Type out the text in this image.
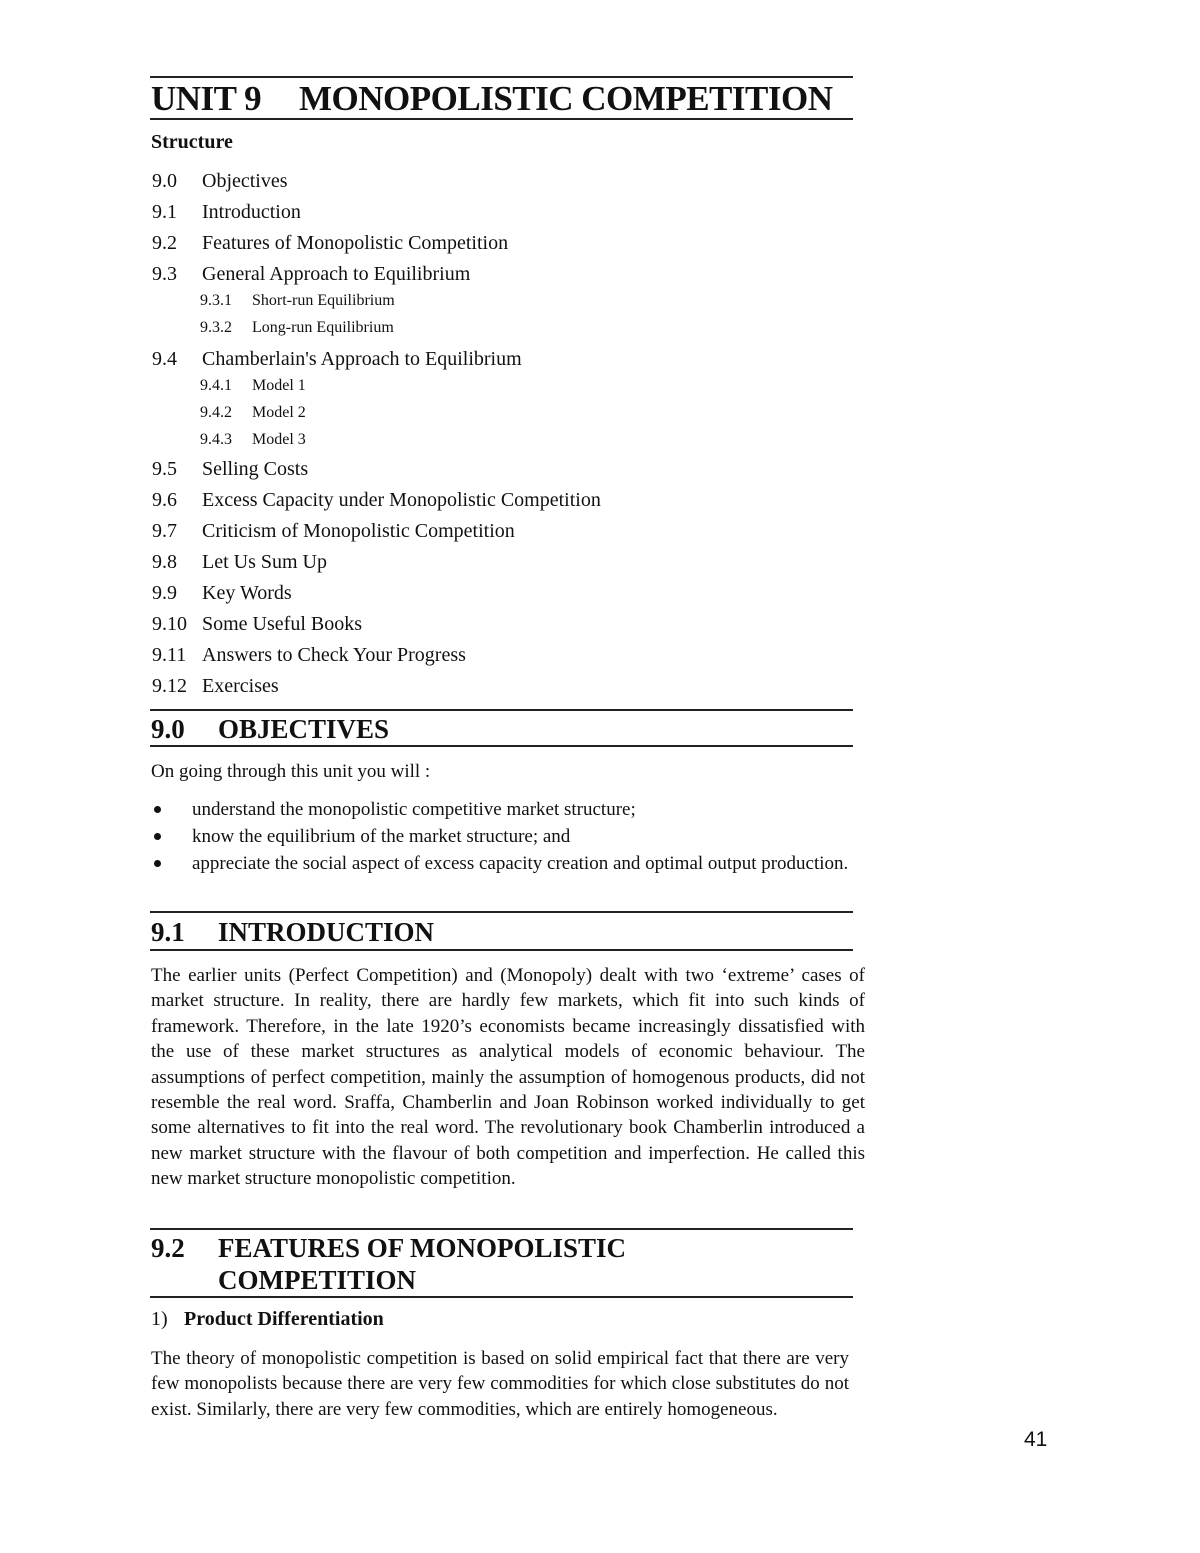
UNIT 9 MONOPOLISTIC COMPETITION
Structure
9.0 Objectives
9.1 Introduction
9.2 Features of Monopolistic Competition
9.3 General Approach to Equilibrium
9.3.1 Short-run Equilibrium
9.3.2 Long-run Equilibrium
9.4 Chamberlain's Approach to Equilibrium
9.4.1 Model 1
9.4.2 Model 2
9.4.3 Model 3
9.5 Selling Costs
9.6 Excess Capacity under Monopolistic Competition
9.7 Criticism of Monopolistic Competition
9.8 Let Us Sum Up
9.9 Key Words
9.10 Some Useful Books
9.11 Answers to Check Your Progress
9.12 Exercises
9.0 OBJECTIVES
On going through this unit you will :
understand the monopolistic competitive market structure;
know the equilibrium of the market structure; and
appreciate the social aspect of excess capacity creation and optimal output production.
9.1 INTRODUCTION
The earlier units (Perfect Competition) and (Monopoly) dealt with two ‘extreme’ cases of market structure. In reality, there are hardly few markets, which fit into such kinds of framework. Therefore, in the late 1920’s economists became increasingly dissatisfied with the use of these market structures as analytical models of economic behaviour. The assumptions of perfect competition, mainly the assumption of homogenous products, did not resemble the real word. Sraffa, Chamberlin and Joan Robinson worked individually to get some alternatives to fit into the real word. The revolutionary book Chamberlin introduced a new market structure with the flavour of both competition and imperfection. He called this new market structure monopolistic competition.
9.2 FEATURES OF MONOPOLISTIC
COMPETITION
1) Product Differentiation
The theory of monopolistic competition is based on solid empirical fact that there are very few monopolists because there are very few commodities for which close substitutes do not exist. Similarly, there are very few commodities, which are entirely homogeneous.
41
